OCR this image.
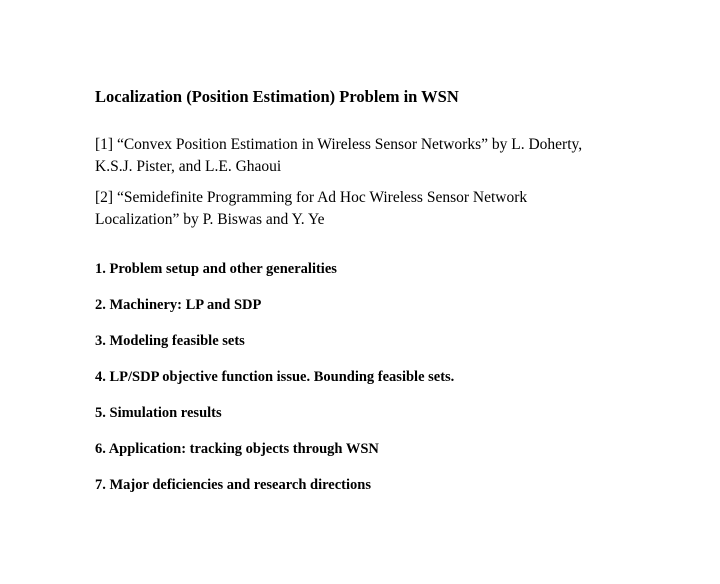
Localization (Position Estimation) Problem in WSN
[1] “Convex Position Estimation in Wireless Sensor Networks” by L. Doherty, K.S.J. Pister, and L.E. Ghaoui
[2] “Semidefinite Programming for Ad Hoc Wireless Sensor Network Localization” by P. Biswas and Y. Ye
1. Problem setup and other generalities
2. Machinery: LP and SDP
3. Modeling feasible sets
4. LP/SDP objective function issue. Bounding feasible sets.
5. Simulation results
6. Application: tracking objects through WSN
7. Major deficiencies and research directions
